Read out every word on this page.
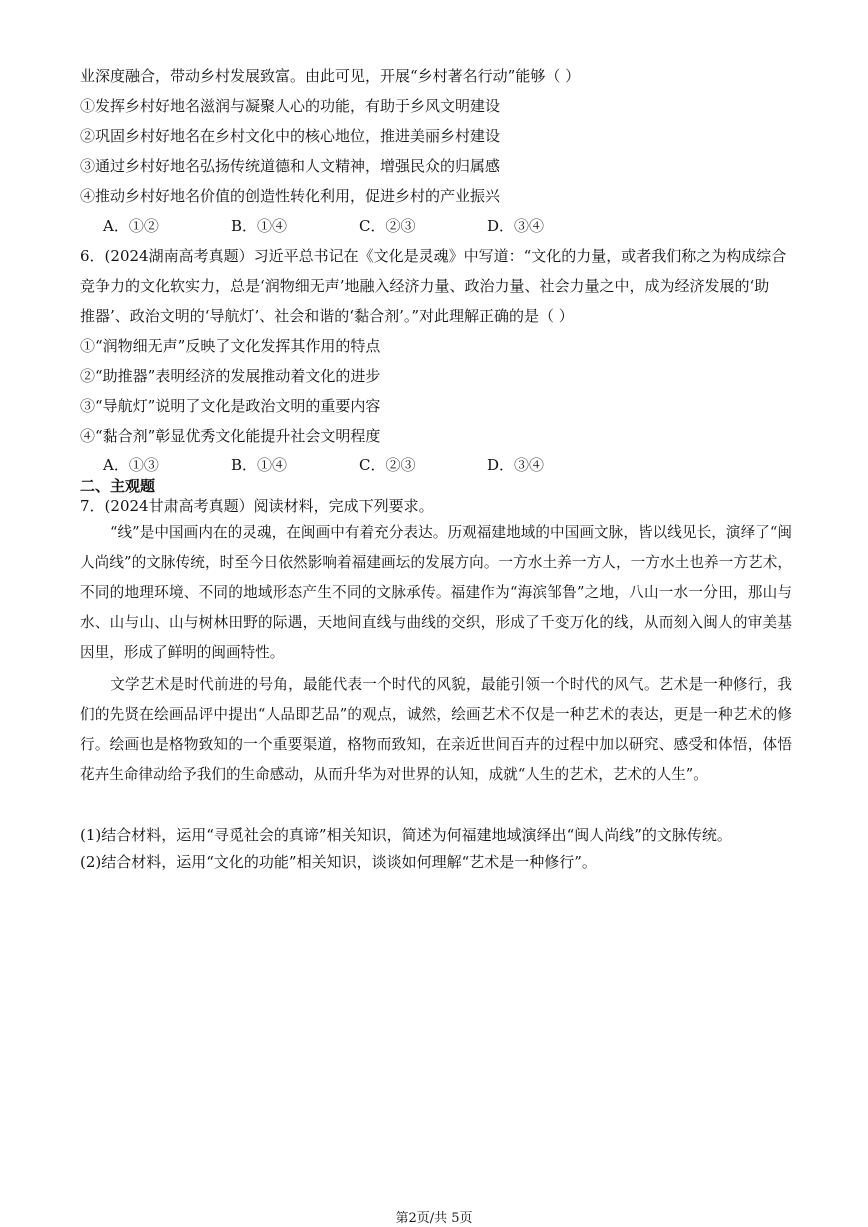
业深度融合，带动乡村发展致富。由此可见，开展“乡村著名行动”能够（ ）
①发挥乡村好地名滋润与凝聚人心的功能，有助于乡风文明建设
②巩固乡村好地名在乡村文化中的核心地位，推进美丽乡村建设
③通过乡村好地名弘扬传统道德和人文精神，增强民众的归属感
④推动乡村好地名价值的创造性转化利用，促进乡村的产业振兴
A．①②	B．①④	C．②③	D．③④
6．(2024湖南高考真题）习近平总书记在《文化是灵魂》中写道：“文化的力量，或者我们称之为构成综合
竞争力的文化软实力，总是‘润物细无声’地融入经济力量、政治力量、社会力量之中，成为经济发展的‘助
推器’、政治文明的‘导航灯’、社会和谐的‘黏合剂’。”对此理解正确的是（ ）
①“润物细无声”反映了文化发挥其作用的特点
②“助推器”表明经济的发展推动着文化的进步
③“导航灯”说明了文化是政治文明的重要内容
④“黏合剂”彰显优秀文化能提升社会文明程度
A．①③	B．①④	C．②③	D．③④
二、主观题
7．(2024甘肃高考真题）阅读材料，完成下列要求。
“线”是中国画内在的灵魂，在闽画中有着充分表达。历观福建地域的中国画文脉，皆以线见长，演绎了“闽人尚线”的文脉传统，时至今日依然影响着福建画坛的发展方向。一方水土养一方人，一方水土也养一方艺术，不同的地理环境、不同的地域形态产生不同的文脉承传。福建作为“海滨邹鲁”之地，八山一水一分田，那山与水、山与山、山与树林田野的际遇，天地间直线与曲线的交织，形成了千变万化的线，从而刻入闽人的审美基因里，形成了鲜明的闽画特性。
文学艺术是时代前进的号角，最能代表一个时代的风貌，最能引领一个时代的风气。艺术是一种修行，我们的先贤在绘画品评中提出“人品即艺品”的观点，诚然，绘画艺术不仅是一种艺术的表达，更是一种艺术的修行。绘画也是格物致知的一个重要渠道，格物而致知，在亲近世间百卉的过程中加以研究、感受和体悟，体悟花卉生命律动给予我们的生命感动，从而升华为对世界的认知，成就“人生的艺术，艺术的人生”。
(1)结合材料，运用“寻觅社会的真谛”相关知识，简述为何福建地域演绎出“闽人尚线”的文脉传统。
(2)结合材料，运用“文化的功能”相关知识，谈谈如何理解“艺术是一种修行”。
第2页/共 5页
